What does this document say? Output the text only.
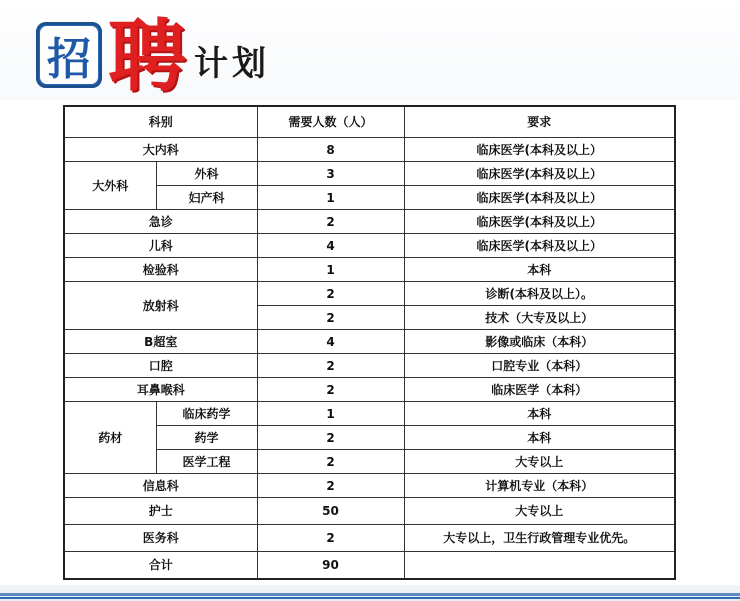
招 聘 计划
科别		需要人数（人）	要求
大内科		8	临床医学(本科及以上）
大外科	外科	3	临床医学(本科及以上）
	妇产科	1	临床医学(本科及以上）
急诊		2	临床医学(本科及以上）
儿科		4	临床医学(本科及以上）
检验科		1	本科
放射科		2	诊断(本科及以上）。
		2	技术（大专及以上）
B超室		4	影像或临床（本科）
口腔		2	口腔专业（本科）
耳鼻喉科		2	临床医学（本科）
药材	临床药学	1	本科
	药学	2	本科
	医学工程	2	大专以上
信息科		2	计算机专业（本科）
护士		50	大专以上
医务科		2	大专以上，卫生行政管理专业优先。
合计		90	
